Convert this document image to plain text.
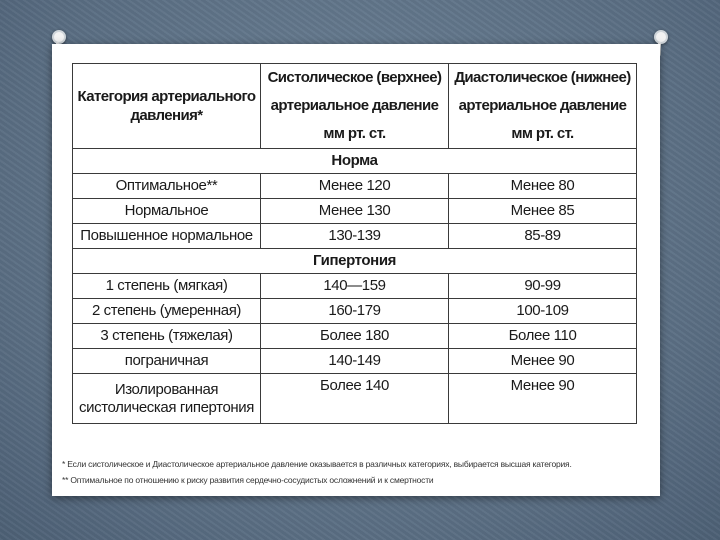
Категория артериального давления*	Систолическое (верхнее) артериальное давление мм рт. ст.	Диастолическое (нижнее) артериальное давление мм рт. ст.
Норма		
Оптимальное**	Менее 120	Менее 80
Нормальное	Менее 130	Менее 85
Повышенное нормальное	130-139	85-89
Гипертония		
1 степень (мягкая)	140—159	90-99
2 степень (умеренная)	160-179	100-109
3 степень (тяжелая)	Более 180	Более 110
пограничная	140-149	Менее 90
Изолированная систолическая гипертония	Более 140	Менее 90
* Если систолическое и Диастолическое артериальное давление оказывается в различных категориях, выбирается высшая категория.
** Оптимальное по отношению к риску развития сердечно-сосудистых осложнений и к смертности
